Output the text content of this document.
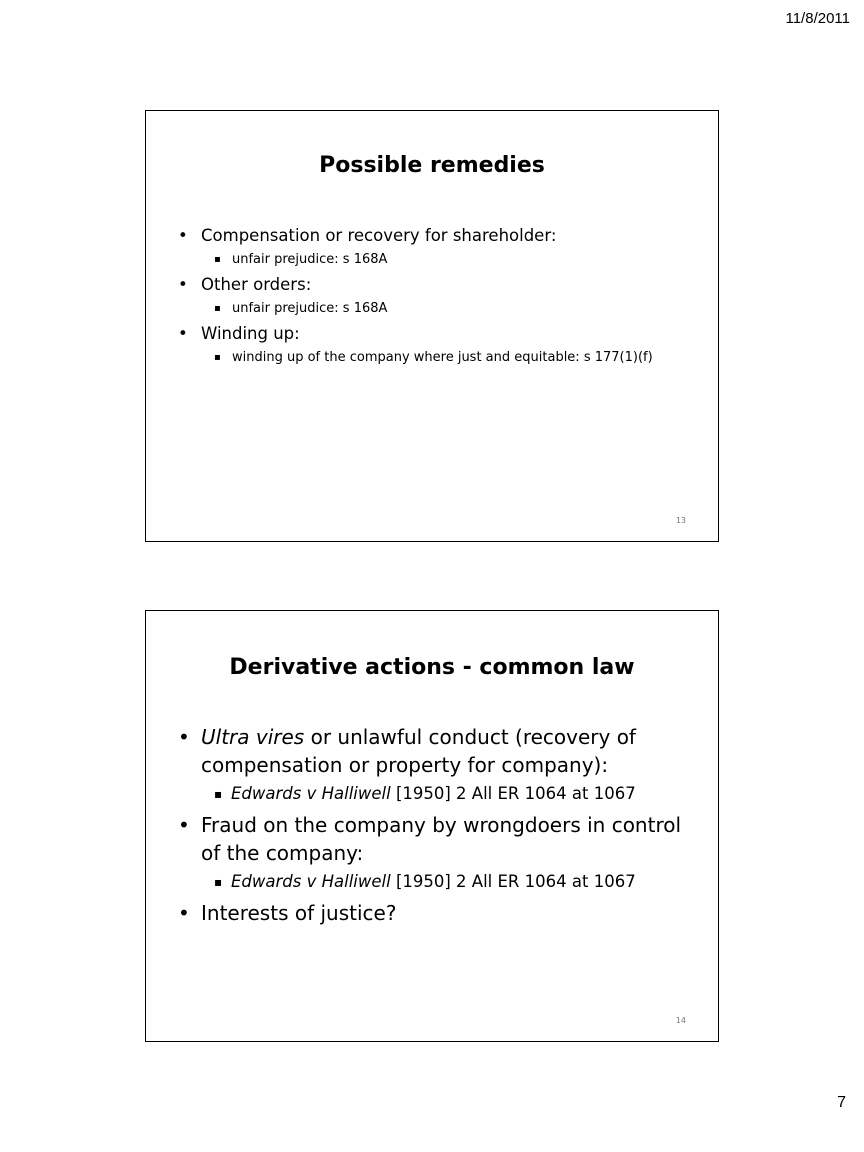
11/8/2011
Possible remedies
• Compensation or recovery for shareholder:
▪ unfair prejudice: s 168A
• Other orders:
▪ unfair prejudice: s 168A
• Winding up:
▪ winding up of the company where just and equitable: s 177(1)(f)
13
Derivative actions - common law
• Ultra vires or unlawful conduct (recovery of compensation or property for company):
▪ Edwards v Halliwell [1950] 2 All ER 1064 at 1067
• Fraud on the company by wrongdoers in control of the company:
▪ Edwards v Halliwell [1950] 2 All ER 1064 at 1067
• Interests of justice?
14
7
